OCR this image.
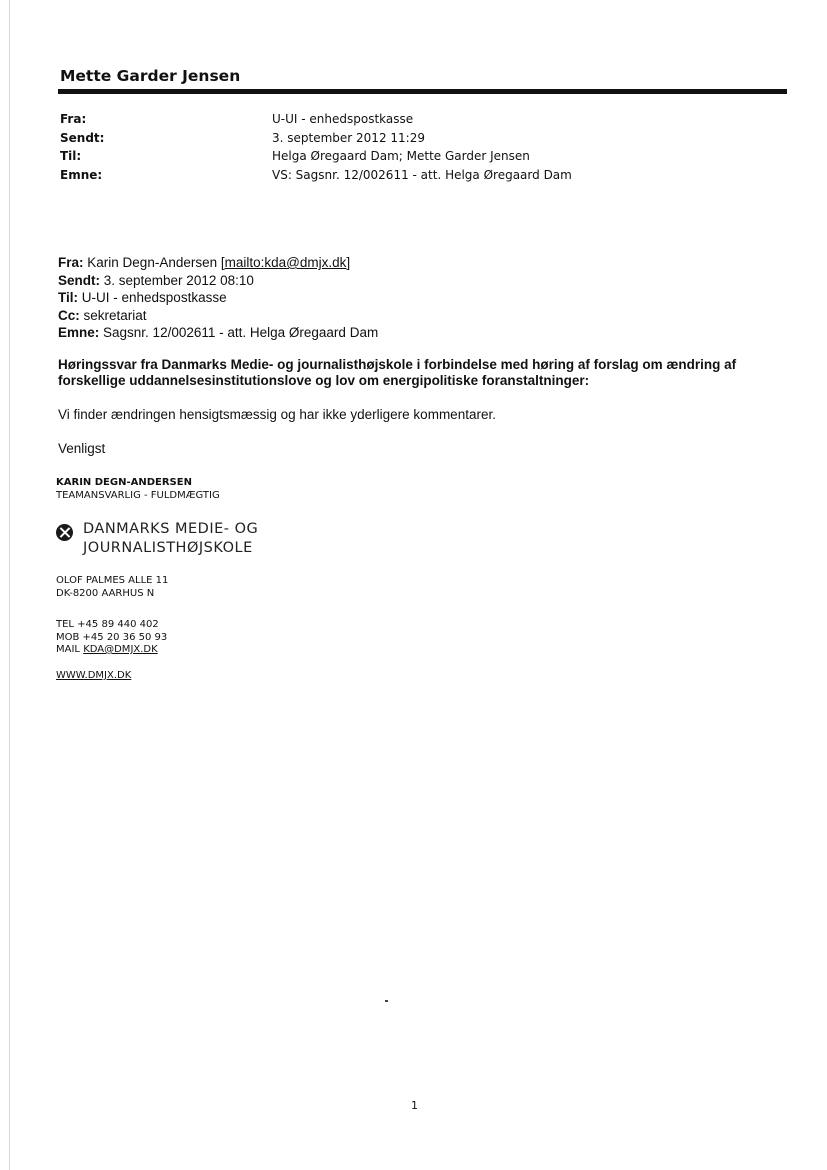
Mette Garder Jensen
Fra:	U-UI - enhedspostkasse
Sendt:	3. september 2012 11:29
Til:	Helga Øregaard Dam; Mette Garder Jensen
Emne:	VS: Sagsnr. 12/002611 - att. Helga Øregaard Dam
Fra: Karin Degn-Andersen [mailto:kda@dmjx.dk]
Sendt: 3. september 2012 08:10
Til: U-UI - enhedspostkasse
Cc: sekretariat
Emne: Sagsnr. 12/002611 - att. Helga Øregaard Dam
Høringssvar fra Danmarks Medie- og journalisthøjskole i forbindelse med høring af forslag om ændring af
forskellige uddannelsesinstitutionslove og lov om energipolitiske foranstaltninger:
Vi finder ændringen hensigtsmæssig og har ikke yderligere kommentarer.
Venligst
KARIN DEGN-ANDERSEN
TEAMANSVARLIG - FULDMÆGTIG
DANMARKS MEDIE- OG
JOURNALISTHØJSKOLE
OLOF PALMES ALLE 11
DK-8200 AARHUS N
TEL +45 89 440 402
MOB +45 20 36 50 93
MAIL KDA@DMJX.DK
WWW.DMJX.DK
1
